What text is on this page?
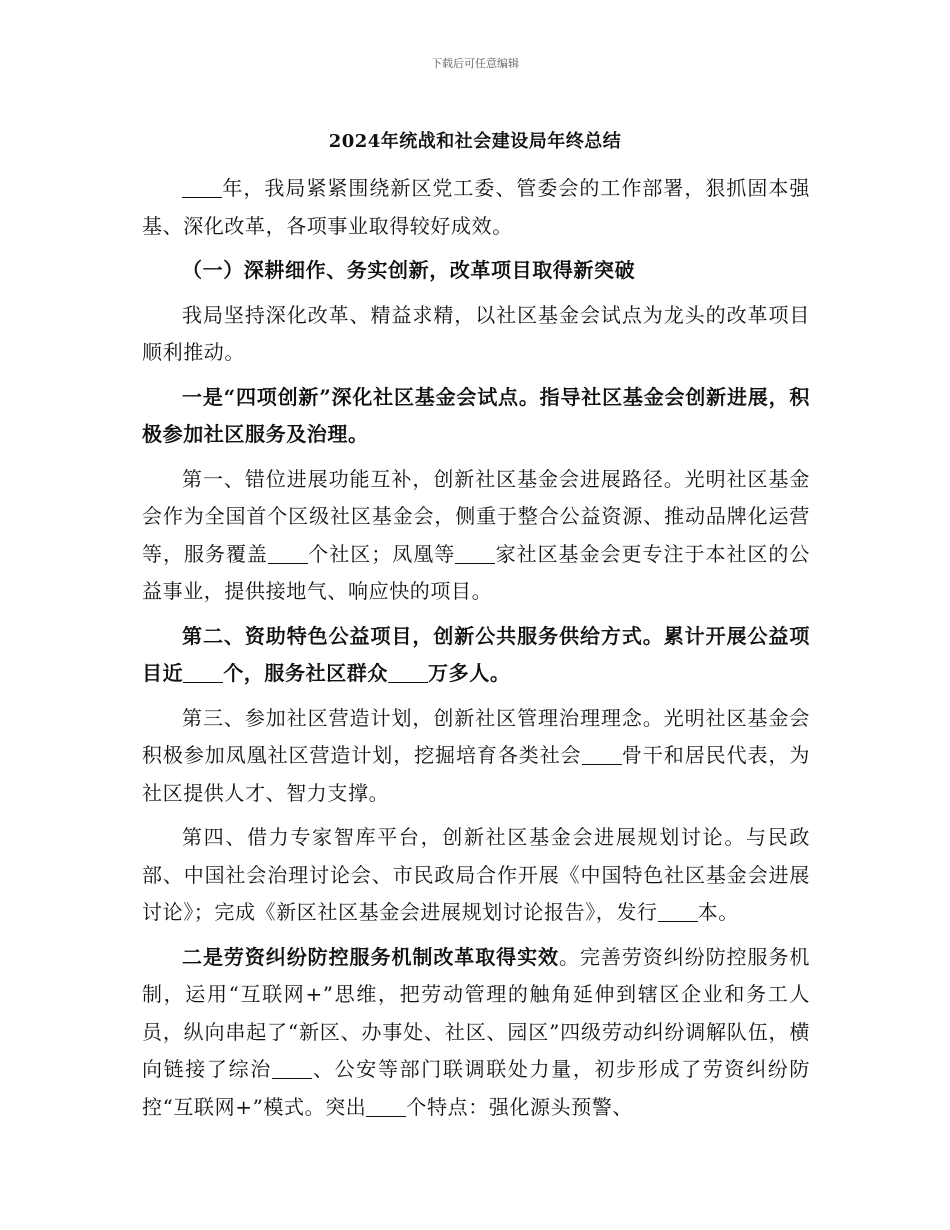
下载后可任意编辑
2024年统战和社会建设局年终总结

年，我局紧紧围绕新区党工委、管委会的工作部署，狠抓固本强基、深化改革，各项事业取得较好成效。

（一）深耕细作、务实创新，改革项目取得新突破

我局坚持深化改革、精益求精，以社区基金会试点为龙头的改革项目顺利推动。

一是“四项创新”深化社区基金会试点。指导社区基金会创新进展，积极参加社区服务及治理。

第一、错位进展功能互补，创新社区基金会进展路径。光明社区基金会作为全国首个区级社区基金会，侧重于整合公益资源、推动品牌化运营等，服务覆盖 个社区；凤凰等 家社区基金会更专注于本社区的公益事业，提供接地气、响应快的项目。

第二、资助特色公益项目，创新公共服务供给方式。累计开展公益项目近 个，服务社区群众 万多人。

第三、参加社区营造计划，创新社区管理治理理念。光明社区基金会积极参加凤凰社区营造计划，挖掘培育各类社会 骨干和居民代表，为社区提供人才、智力支撑。

第四、借力专家智库平台，创新社区基金会进展规划讨论。与民政部、中国社会治理讨论会、市民政局合作开展《中国特色社区基金会进展讨论》；完成《新区社区基金会进展规划讨论报告》，发行 本。

二是劳资纠纷防控服务机制改革取得实效。完善劳资纠纷防控服务机制，运用“互联网+”思维，把劳动管理的触角延伸到辖区企业和务工人员，纵向串起了“新区、办事处、社区、园区”四级劳动纠纷调解队伍，横向链接了综治 、公安等部门联调联处力量，初步形成了劳资纠纷防控“互联网+”模式。突出 个特点：强化源头预警、
